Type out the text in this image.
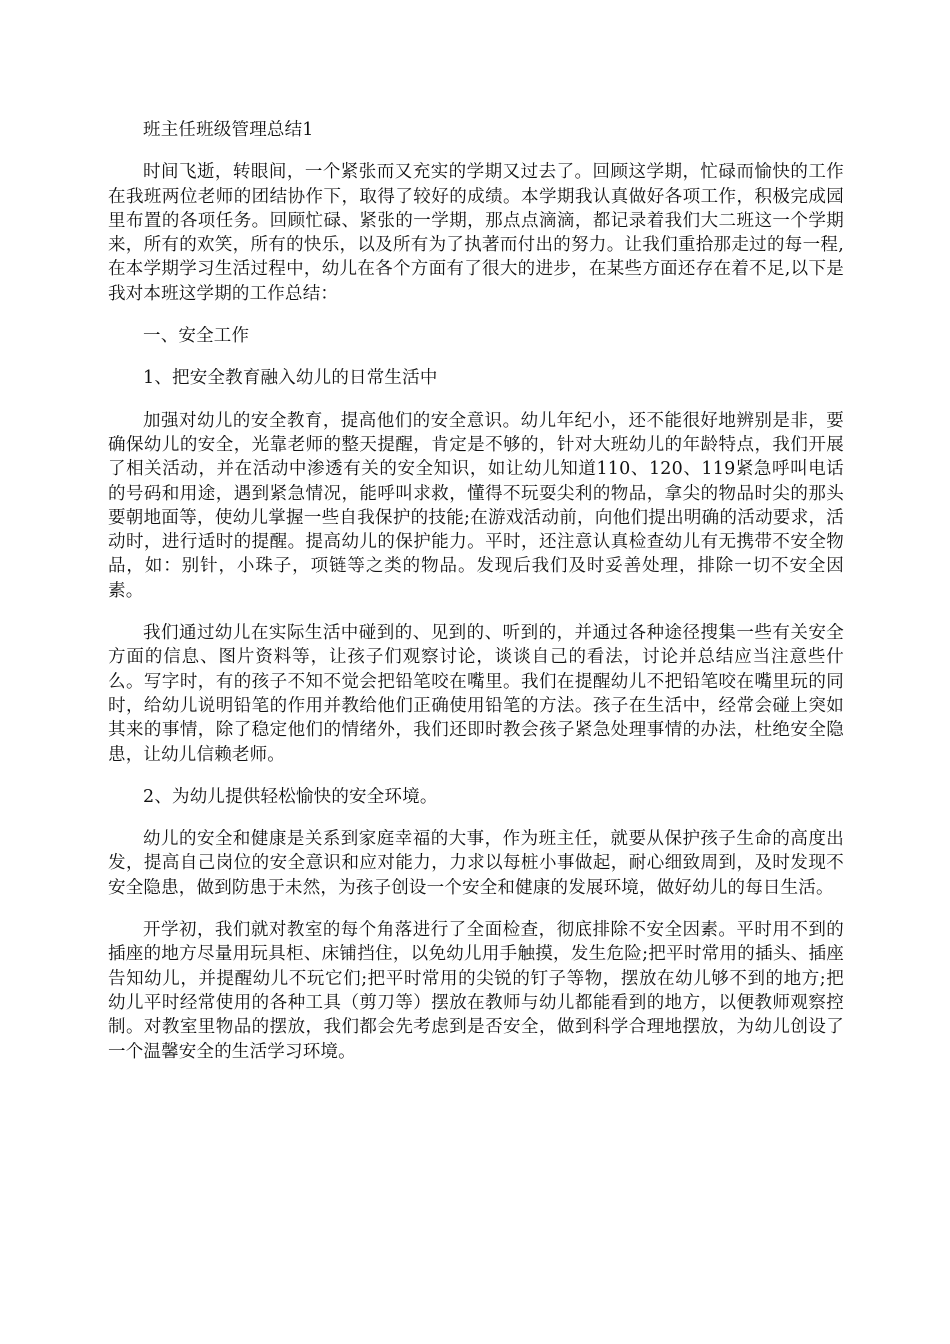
班主任班级管理总结1

时间飞逝，转眼间，一个紧张而又充实的学期又过去了。回顾这学期，忙碌而愉快的工作在我班两位老师的团结协作下，取得了较好的成绩。本学期我认真做好各项工作，积极完成园里布置的各项任务。回顾忙碌、紧张的一学期，那点点滴滴，都记录着我们大二班这一个学期来，所有的欢笑，所有的快乐，以及所有为了执著而付出的努力。让我们重拾那走过的每一程,在本学期学习生活过程中，幼儿在各个方面有了很大的进步，在某些方面还存在着不足,以下是我对本班这学期的工作总结：

一、安全工作

1、把安全教育融入幼儿的日常生活中

加强对幼儿的安全教育，提高他们的安全意识。幼儿年纪小，还不能很好地辨别是非，要确保幼儿的安全，光靠老师的整天提醒，肯定是不够的，针对大班幼儿的年龄特点，我们开展了相关活动，并在活动中渗透有关的安全知识，如让幼儿知道110、120、119紧急呼叫电话的号码和用途，遇到紧急情况，能呼叫求救，懂得不玩耍尖利的物品，拿尖的物品时尖的那头要朝地面等，使幼儿掌握一些自我保护的技能;在游戏活动前，向他们提出明确的活动要求，活动时，进行适时的提醒。提高幼儿的保护能力。平时，还注意认真检查幼儿有无携带不安全物品，如：别针，小珠子，项链等之类的物品。发现后我们及时妥善处理，排除一切不安全因素。

我们通过幼儿在实际生活中碰到的、见到的、听到的，并通过各种途径搜集一些有关安全方面的信息、图片资料等，让孩子们观察讨论，谈谈自己的看法，讨论并总结应当注意些什么。写字时，有的孩子不知不觉会把铅笔咬在嘴里。我们在提醒幼儿不把铅笔咬在嘴里玩的同时，给幼儿说明铅笔的作用并教给他们正确使用铅笔的方法。孩子在生活中，经常会碰上突如其来的事情，除了稳定他们的情绪外，我们还即时教会孩子紧急处理事情的办法，杜绝安全隐患，让幼儿信赖老师。

2、为幼儿提供轻松愉快的安全环境。

幼儿的安全和健康是关系到家庭幸福的大事，作为班主任，就要从保护孩子生命的高度出发，提高自己岗位的安全意识和应对能力，力求以每桩小事做起，耐心细致周到，及时发现不安全隐患，做到防患于未然，为孩子创设一个安全和健康的发展环境，做好幼儿的每日生活。

开学初，我们就对教室的每个角落进行了全面检查，彻底排除不安全因素。平时用不到的插座的地方尽量用玩具柜、床铺挡住，以免幼儿用手触摸，发生危险;把平时常用的插头、插座告知幼儿，并提醒幼儿不玩它们;把平时常用的尖锐的钉子等物，摆放在幼儿够不到的地方;把幼儿平时经常使用的各种工具（剪刀等）摆放在教师与幼儿都能看到的地方，以便教师观察控制。对教室里物品的摆放，我们都会先考虑到是否安全，做到科学合理地摆放，为幼儿创设了一个温馨安全的生活学习环境。
